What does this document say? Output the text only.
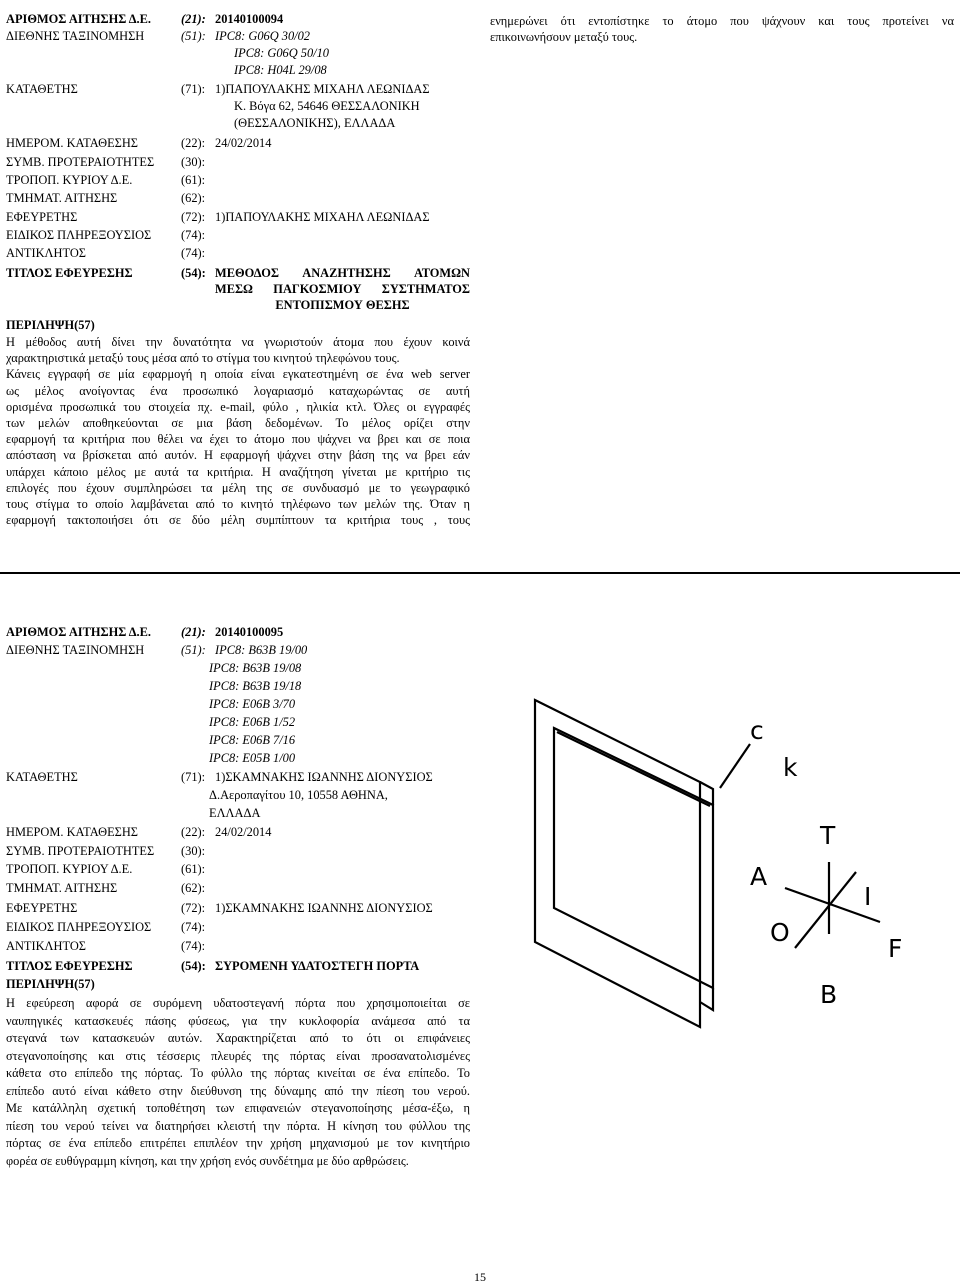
ΑΡΙΘΜΟΣ ΑΙΤΗΣΗΣ Δ.Ε. (21): 20140100094
ΔΙΕΘΝΗΣ ΤΑΞΙΝΟΜΗΣΗ	(51): IPC8: G06Q 30/02
IPC8: G06Q 50/10
IPC8: H04L 29/08
ΚΑΤΑΘΕΤΗΣ	(71): 1)ΠΑΠΟΥΛΑΚΗΣ ΜΙΧΑΗΛ ΛΕΩΝΙΔΑΣ
Κ. Βόγα 62, 54646 ΘΕΣΣΑΛΟΝΙΚΗ
(ΘΕΣΣΑΛΟΝΙΚΗΣ), ΕΛΛΑΔΑ
ΗΜΕΡΟΜ. ΚΑΤΑΘΕΣΗΣ	(22): 24/02/2014
ΣΥΜΒ. ΠΡΟΤΕΡΑΙΟΤΗΤΕΣ (30):
ΤΡΟΠΟΠ. ΚΥΡΙΟΥ Δ.Ε.	(61):
ΤΜΗΜΑΤ. ΑΙΤΗΣΗΣ	(62):
ΕΦΕΥΡΕΤΗΣ	(72): 1)ΠΑΠΟΥΛΑΚΗΣ ΜΙΧΑΗΛ ΛΕΩΝΙΔΑΣ
ΕΙΔΙΚΟΣ ΠΛΗΡΕΞΟΥΣΙΟΣ (74):
ΑΝΤΙΚΛΗΤΟΣ	(74):
ΤΙΤΛΟΣ ΕΦΕΥΡΕΣΗΣ	(54): ΜΕΘΟΔΟΣ ΑΝΑΖΗΤΗΣΗΣ ΑΤΟΜΩΝ
ΜΕΣΩ ΠΑΓΚΟΣΜΙΟΥ ΣΥΣΤΗΜΑΤΟΣ
ΕΝΤΟΠΙΣΜΟΥ ΘΕΣΗΣ
ΠΕΡΙΛΗΨΗ(57)
Η μέθοδος αυτή δίνει την δυνατότητα να γνωριστούν άτομα που έχουν κοινά
χαρακτηριστικά μεταξύ τους μέσα από το στίγμα του κινητού τηλεφώνου τους.
Κάνεις εγγραφή σε μία εφαρμογή η οποία είναι εγκατεστημένη σε ένα web server
ως μέλος ανοίγοντας ένα προσωπικό λογαριασμό καταχωρώντας σε αυτή
ορισμένα προσωπικά του στοιχεία πχ. e-mail, φύλο , ηλικία κτλ. Όλες οι εγγραφές
των μελών αποθηκεύονται σε μια βάση δεδομένων. Το μέλος ορίζει στην
εφαρμογή τα κριτήρια που θέλει να έχει το άτομο που ψάχνει να βρει και σε ποια
απόσταση να βρίσκεται από αυτόν. Η εφαρμογή ψάχνει στην βάση της να βρει εάν
υπάρχει κάποιο μέλος με αυτά τα κριτήρια. Η αναζήτηση γίνεται με κριτήριο τις
επιλογές που έχουν συμπληρώσει τα μέλη της σε συνδυασμό με το γεωγραφικό
τους στίγμα το οποίο λαμβάνεται από το κινητό τηλέφωνο των μελών της. Όταν η
εφαρμογή τακτοποιήσει ότι σε δύο μέλη συμπίπτουν τα κριτήρια τους , τους
ενημερώνει ότι εντοπίστηκε το άτομο που ψάχνουν και τους προτείνει να
επικοινωνήσουν μεταξύ τους.
ΑΡΙΘΜΟΣ ΑΙΤΗΣΗΣ Δ.Ε. (21): 20140100095
ΔΙΕΘΝΗΣ ΤΑΞΙΝΟΜΗΣΗ	(51): IPC8: B63B 19/00
IPC8: B63B 19/08
IPC8: B63B 19/18
IPC8: E06B 3/70
IPC8: E06B 1/52
IPC8: E06B 7/16
IPC8: E05B 1/00
ΚΑΤΑΘΕΤΗΣ	(71): 1)ΣΚΑΜΝΑΚΗΣ ΙΩΑΝΝΗΣ ΔΙΟΝΥΣΙΟΣ
Δ.Αεροπαγίτου 10, 10558 ΑΘΗΝΑ,
ΕΛΛΑΔΑ
ΗΜΕΡΟΜ. ΚΑΤΑΘΕΣΗΣ	(22): 24/02/2014
ΣΥΜΒ. ΠΡΟΤΕΡΑΙΟΤΗΤΕΣ (30):
ΤΡΟΠΟΠ. ΚΥΡΙΟΥ Δ.Ε.	(61):
ΤΜΗΜΑΤ. ΑΙΤΗΣΗΣ	(62):
ΕΦΕΥΡΕΤΗΣ	(72): 1)ΣΚΑΜΝΑΚΗΣ ΙΩΑΝΝΗΣ ΔΙΟΝΥΣΙΟΣ
ΕΙΔΙΚΟΣ ΠΛΗΡΕΞΟΥΣΙΟΣ (74):
ΑΝΤΙΚΛΗΤΟΣ	(74):
ΤΙΤΛΟΣ ΕΦΕΥΡΕΣΗΣ	(54): ΣΥΡΟΜΕΝΗ ΥΔΑΤΟΣΤΕΓΗ ΠΟΡΤΑ
ΠΕΡΙΛΗΨΗ(57)
Η εφεύρεση αφορά σε συρόμενη υδατοστεγανή πόρτα που χρησιμοποιείται σε
ναυπηγικές κατασκευές πάσης φύσεως, για την κυκλοφορία ανάμεσα από τα
στεγανά των κατασκευών αυτών. Χαρακτηρίζεται από το ότι οι επιφάνειες
στεγανοποίησης και στις τέσσερις πλευρές της πόρτας είναι προσανατολισμένες
κάθετα στο επίπεδο της πόρτας. Το φύλλο της πόρτας κινείται σε ένα επίπεδο. Το
επίπεδο αυτό είναι κάθετο στην διεύθυνση της δύναμης από την πίεση του νερού.
Με κατάλληλη σχετική τοποθέτηση των επιφανειών στεγανοποίησης μέσα-έξω, η
πίεση του νερού τείνει να διατηρήσει κλειστή την πόρτα. Η κίνηση του φύλλου της
πόρτας σε ένα επίπεδο επιτρέπει επιπλέον την χρήση μηχανισμού με τον κινητήριο
φορέα σε ευθύγραμμη κίνηση, και την χρήση ενός συνδέτημα με δύο αρθρώσεις.
c
k
T
A
I
O
F
B
15
